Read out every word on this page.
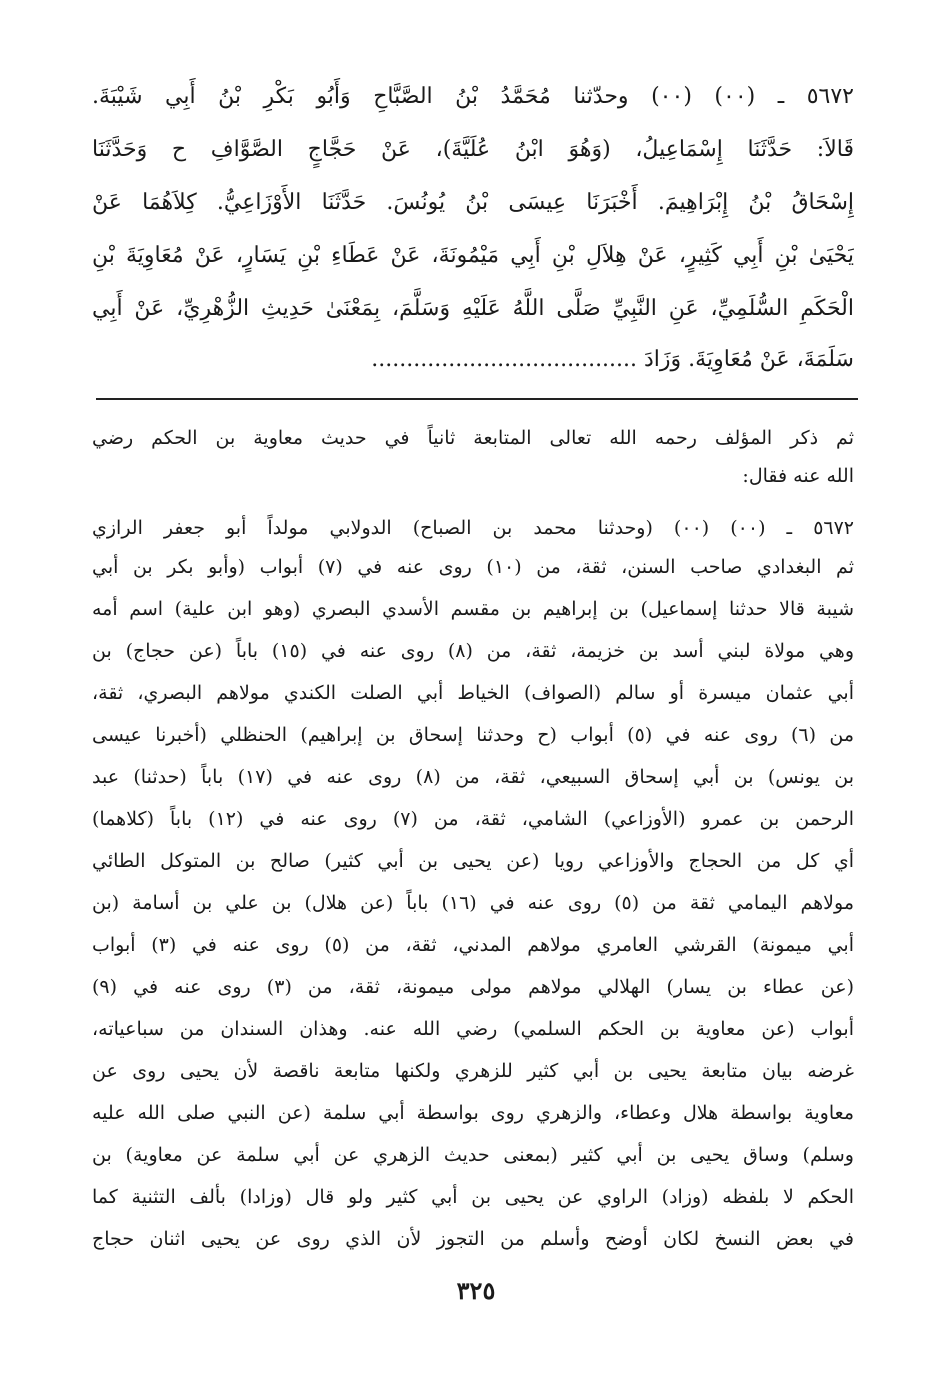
٥٦٧٢ ـ (٠٠) (٠٠) وحدّثنا مُحَمَّدُ بْنُ الصَّبَّاحِ وَأَبُو بَكْرِ بْنُ أَبِي شَيْبَةَ.
قَالاَ: حَدَّثَنَا إِسْمَاعِيلُ، (وَهُوَ ابْنُ عُلَيَّةَ)، عَنْ حَجَّاجٍ الصَّوَّافِ ح وَحَدَّثَنَا
إِسْحَاقُ بْنُ إِبْرَاهِيمَ. أَخْبَرَنَا عِيسَى بْنُ يُونُسَ. حَدَّثَنَا الأَوْزَاعِيُّ. كِلاَهُمَا عَنْ
يَحْيَىٰ بْنِ أَبِي كَثِيرٍ، عَنْ هِلاَلِ بْنِ أَبِي مَيْمُونَةَ، عَنْ عَطَاءِ بْنِ يَسَارٍ، عَنْ مُعَاوِيَةَ بْنِ
الْحَكَمِ السُّلَمِيِّ، عَنِ النَّبِيِّ صَلَّى اللَّهُ عَلَيْهِ وَسَلَّمَ، بِمَعْنَىٰ حَدِيثِ الزُّهْرِيِّ، عَنْ أَبِي
سَلَمَةَ، عَنْ مُعَاوِيَةَ. وَزَادَ ......................................
ثم ذكر المؤلف رحمه الله تعالى المتابعة ثانياً في حديث معاوية بن الحكم رضي
الله عنه فقال:
٥٦٧٢ ـ (٠٠) (٠٠) (وحدثنا محمد بن الصباح) الدولابي مولداً أبو جعفر الرازي
ثم البغدادي صاحب السنن، ثقة، من (١٠) روى عنه في (٧) أبواب (وأبو بكر بن أبي
شيبة قالا حدثنا إسماعيل) بن إبراهيم بن مقسم الأسدي البصري (وهو ابن علية) اسم أمه
وهي مولاة لبني أسد بن خزيمة، ثقة، من (٨) روى عنه في (١٥) باباً (عن حجاج) بن
أبي عثمان ميسرة أو سالم (الصواف) الخياط أبي الصلت الكندي مولاهم البصري، ثقة،
من (٦) روى عنه في (٥) أبواب (ح وحدثنا إسحاق بن إبراهيم) الحنظلي (أخبرنا عيسى
بن يونس) بن أبي إسحاق السبيعي، ثقة، من (٨) روى عنه في (١٧) باباً (حدثنا) عبد
الرحمن بن عمرو (الأوزاعي) الشامي، ثقة، من (٧) روى عنه في (١٢) باباً (كلاهما)
أي كل من الحجاج والأوزاعي رويا (عن يحيى بن أبي كثير) صالح بن المتوكل الطائي
مولاهم اليمامي ثقة من (٥) روى عنه في (١٦) باباً (عن هلال) بن علي بن أسامة (بن
أبي ميمونة) القرشي العامري مولاهم المدني، ثقة، من (٥) روى عنه في (٣) أبواب
(عن عطاء بن يسار) الهلالي مولاهم مولى ميمونة، ثقة، من (٣) روى عنه في (٩)
أبواب (عن معاوية بن الحكم السلمي) رضي الله عنه. وهذان السندان من سباعياته،
غرضه بيان متابعة يحيى بن أبي كثير للزهري ولكنها متابعة ناقصة لأن يحيى روى عن
معاوية بواسطة هلال وعطاء، والزهري روى بواسطة أبي سلمة (عن النبي صلى الله عليه
وسلم) وساق يحيى بن أبي كثير (بمعنى حديث الزهري عن أبي سلمة عن معاوية) بن
الحكم لا بلفظه (وزاد) الراوي عن يحيى بن أبي كثير ولو قال (وزادا) بألف التثنية كما
في بعض النسخ لكان أوضح وأسلم من التجوز لأن الذي روى عن يحيى اثنان حجاج
٣٢٥
